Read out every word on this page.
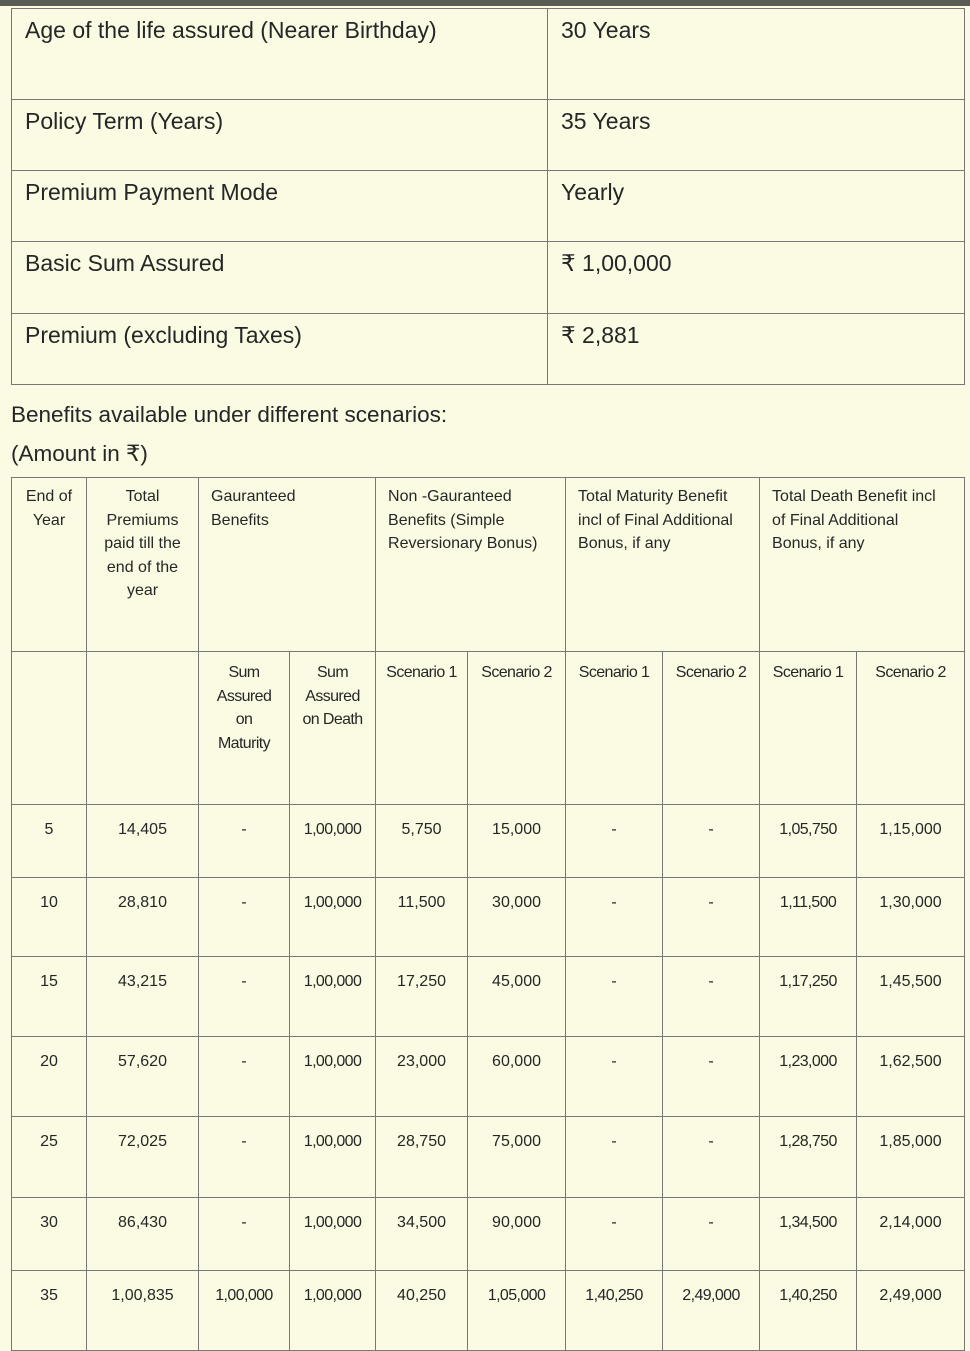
Age of the life assured (Nearer Birthday)	30 Years
Policy Term (Years)	35 Years
Premium Payment Mode	Yearly
Basic Sum Assured	₹ 1,00,000
Premium (excluding Taxes)	₹ 2,881
Benefits available under different scenarios:
(Amount in ₹)
End of Year	Total Premiums paid till the end of the year	Gauranteed Benefits		Non -Gauranteed Benefits (Simple Reversionary Bonus)		Total Maturity Benefit incl of Final Additional Bonus, if any		Total Death Benefit incl of Final Additional Bonus, if any	
		Sum Assured on Maturity	Sum Assured on Death	Scenario 1	Scenario 2	Scenario 1	Scenario 2	Scenario 1	Scenario 2
5	14,405	-	1,00,000	5,750	15,000	-	-	1,05,750	1,15,000
10	28,810	-	1,00,000	11,500	30,000	-	-	1,11,500	1,30,000
15	43,215	-	1,00,000	17,250	45,000	-	-	1,17,250	1,45,500
20	57,620	-	1,00,000	23,000	60,000	-	-	1,23,000	1,62,500
25	72,025	-	1,00,000	28,750	75,000	-	-	1,28,750	1,85,000
30	86,430	-	1,00,000	34,500	90,000	-	-	1,34,500	2,14,000
35	1,00,835	1,00,000	1,00,000	40,250	1,05,000	1,40,250	2,49,000	1,40,250	2,49,000
